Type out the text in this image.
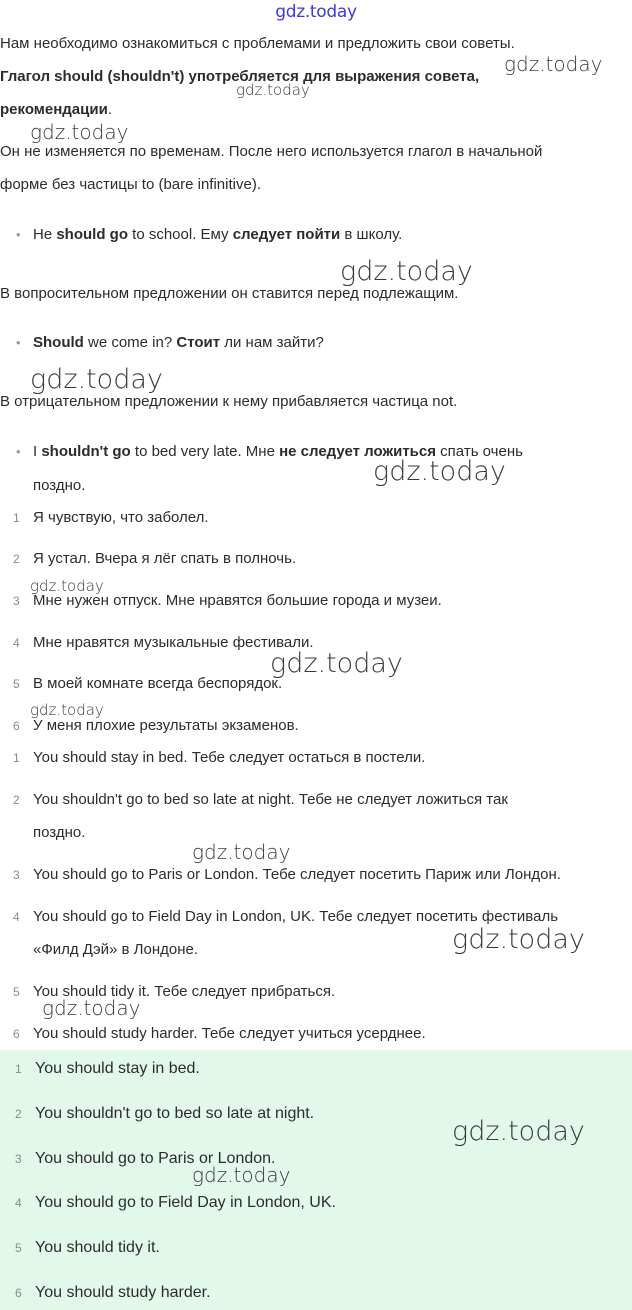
gdz.today

Нам необходимо ознакомиться с проблемами и предложить свои советы.

Глагол should (shouldn't) употребляется для выражения совета,

рекомендации.

Он не изменяется по временам. После него используется глагол в начальной

форме без частицы to (bare infinitive).

• Не should go to school. Ему следует пойти в школу.

В вопросительном предложении он ставится перед подлежащим.

• Should we come in? Стоит ли нам зайти?

В отрицательном предложении к нему прибавляется частица not.

• I shouldn't go to bed very late. Мне не следует ложиться спать очень
поздно.
1 Я чувствую, что заболел.
2 Я устал. Вчера я лёг спать в полночь.
3 Мне нужен отпуск. Мне нравятся большие города и музеи.
4 Мне нравятся музыкальные фестивали.
5 В моей комнате всегда беспорядок.
6 У меня плохие результаты экзаменов.
1 You should stay in bed. Тебе следует остаться в постели.
2 You shouldn't go to bed so late at night. Тебе не следует ложиться так
поздно.
3 You should go to Paris or London. Тебе следует посетить Париж или Лондон.
4 You should go to Field Day in London, UK. Тебе следует посетить фестиваль
«Филд Дэй» в Лондоне.
5 You should tidy it. Тебе следует прибраться.
6 You should study harder. Тебе следует учиться усерднее.
1 You should stay in bed.
2 You shouldn't go to bed so late at night.
3 You should go to Paris or London.
4 You should go to Field Day in London, UK.
5 You should tidy it.
6 You should study harder.
gdz.today
gdz.today
gdz.today
gdz.today
gdz.today
gdz.today
gdz.today
gdz.today
gdz.today
gdz.today
gdz.today
gdz.today
gdz.today
gdz.today
